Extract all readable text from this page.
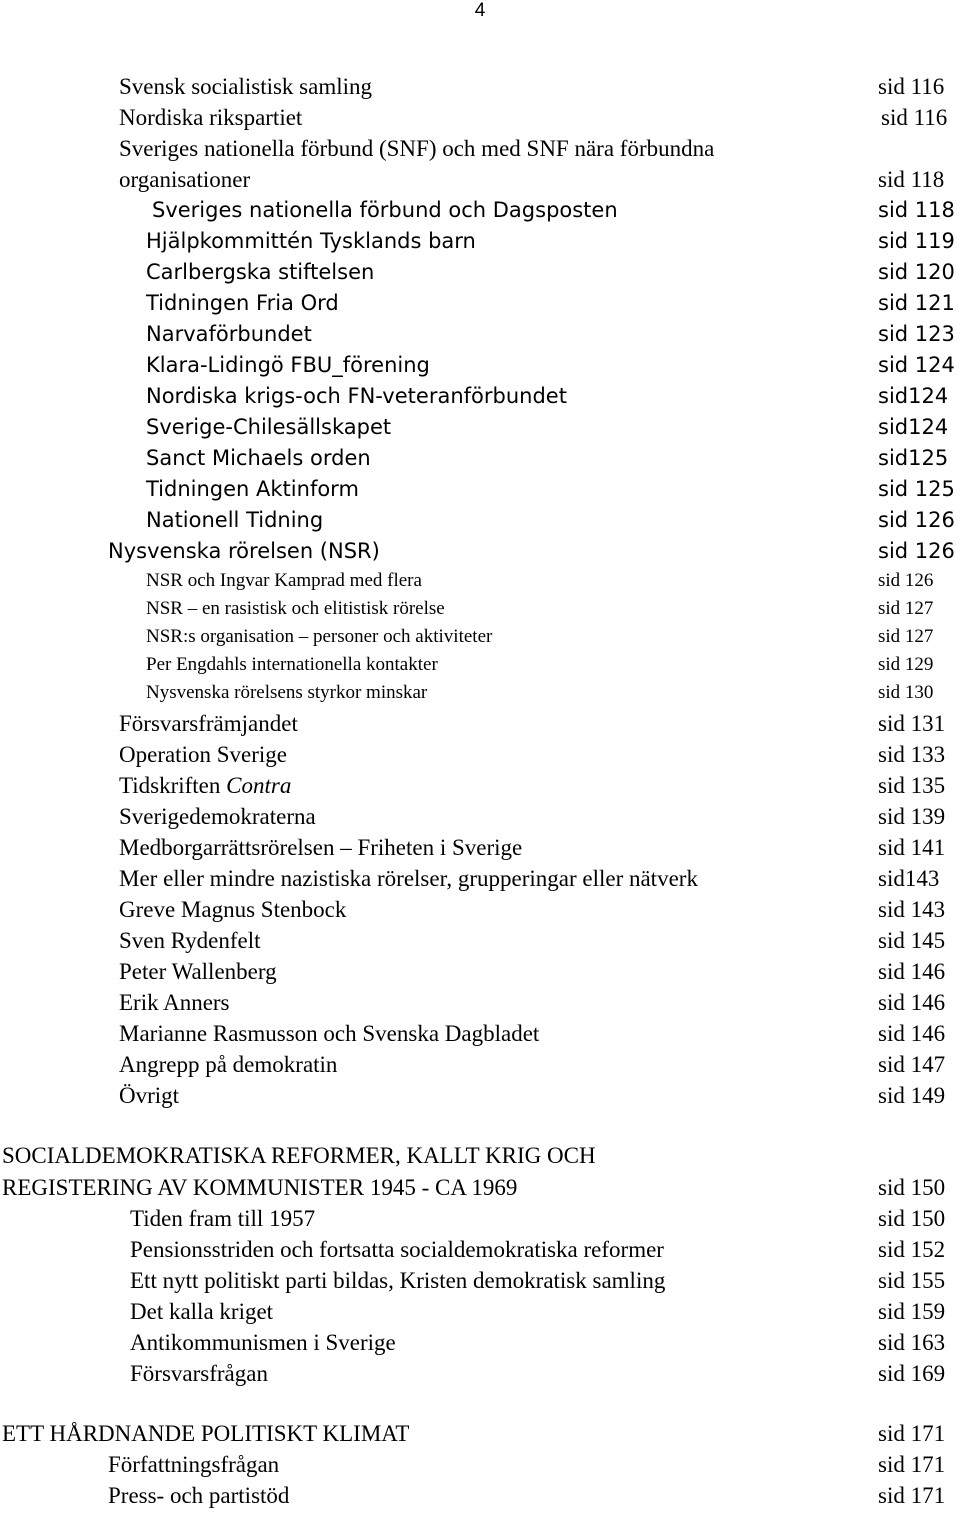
4
Svensk socialistisk samling	sid 116
Nordiska rikspartiet	sid 116
Sveriges nationella förbund (SNF) och med SNF nära förbundna
organisationer	sid 118
Sveriges nationella förbund och Dagsposten	sid 118
Hjälpkommittén Tysklands barn	sid 119
Carlbergska stiftelsen	sid 120
Tidningen Fria Ord	sid 121
Narvaförbundet	sid 123
Klara-Lidingö FBU_förening	sid 124
Nordiska krigs-och FN-veteranförbundet	sid124
Sverige-Chilesällskapet	sid124
Sanct Michaels orden	sid125
Tidningen Aktinform	sid 125
Nationell Tidning	sid 126
Nysvenska rörelsen (NSR)	sid 126
NSR och Ingvar Kamprad med flera	sid 126
NSR – en rasistisk och elitistisk rörelse	sid 127
NSR:s organisation – personer och aktiviteter	sid 127
Per Engdahls internationella kontakter	sid 129
Nysvenska rörelsens styrkor minskar	sid 130
Försvarsfrämjandet	sid 131
Operation Sverige	sid 133
Tidskriften Contra	sid 135
Sverigedemokraterna	sid 139
Medborgarrättsrörelsen – Friheten i Sverige	sid 141
Mer eller mindre nazistiska rörelser, grupperingar eller nätverk	sid143
Greve Magnus Stenbock	sid 143
Sven Rydenfelt	sid 145
Peter Wallenberg	sid 146
Erik Anners	sid 146
Marianne Rasmusson och Svenska Dagbladet	sid 146
Angrepp på demokratin	sid 147
Övrigt	sid 149
SOCIALDEMOKRATISKA REFORMER, KALLT KRIG OCH
REGISTERING AV KOMMUNISTER 1945 - CA 1969	sid 150
Tiden fram till 1957	sid 150
Pensionsstriden och fortsatta socialdemokratiska reformer	sid 152
Ett nytt politiskt parti bildas, Kristen demokratisk samling	sid 155
Det kalla kriget	sid 159
Antikommunismen i Sverige	sid 163
Försvarsfrågan	sid 169
ETT HÅRDNANDE POLITISKT KLIMAT	sid 171
Författningsfrågan	sid 171
Press- och partistöd	sid 171
